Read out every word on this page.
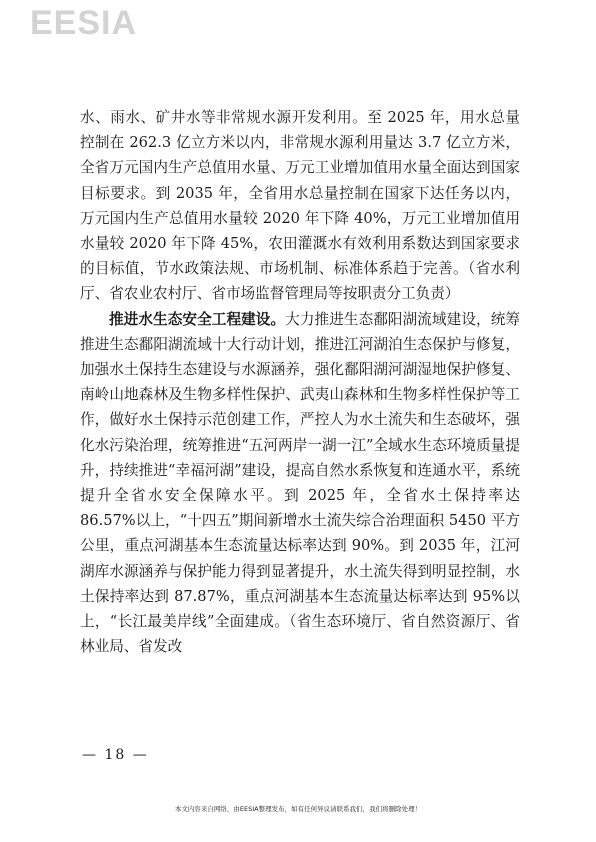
EESIA

水、雨水、矿井水等非常规水源开发利用。至 2025 年，用水总量控制在 262.3 亿立方米以内，非常规水源利用量达 3.7 亿立方米，全省万元国内生产总值用水量、万元工业增加值用水量全面达到国家目标要求。到 2035 年，全省用水总量控制在国家下达任务以内，万元国内生产总值用水量较 2020 年下降 40%，万元工业增加值用水量较 2020 年下降 45%，农田灌溉水有效利用系数达到国家要求的目标值，节水政策法规、市场机制、标准体系趋于完善。（省水利厅、省农业农村厅、省市场监督管理局等按职责分工负责）

推进水生态安全工程建设。大力推进生态鄱阳湖流域建设，统筹推进生态鄱阳湖流域十大行动计划，推进江河湖泊生态保护与修复，加强水土保持生态建设与水源涵养，强化鄱阳湖河湖湿地保护修复、南岭山地森林及生物多样性保护、武夷山森林和生物多样性保护等工作，做好水土保持示范创建工作，严控人为水土流失和生态破坏，强化水污染治理，统筹推进“五河两岸一湖一江”全域水生态环境质量提升，持续推进“幸福河湖”建设，提高自然水系恢复和连通水平，系统提升全省水安全保障水平。到 2025 年，全省水土保持率达 86.57%以上，“十四五”期间新增水土流失综合治理面积 5450 平方公里，重点河湖基本生态流量达标率达到 90%。到 2035 年，江河湖库水源涵养与保护能力得到显著提升，水土流失得到明显控制，水土保持率达到 87.87%，重点河湖基本生态流量达标率达到 95%以上，“长江最美岸线”全面建成。（省生态环境厅、省自然资源厅、省林业局、省发改

— 18 —
本文内容来自网络，由EESIA整理发布，如有任何异议请联系我们，我们将删除处理！
